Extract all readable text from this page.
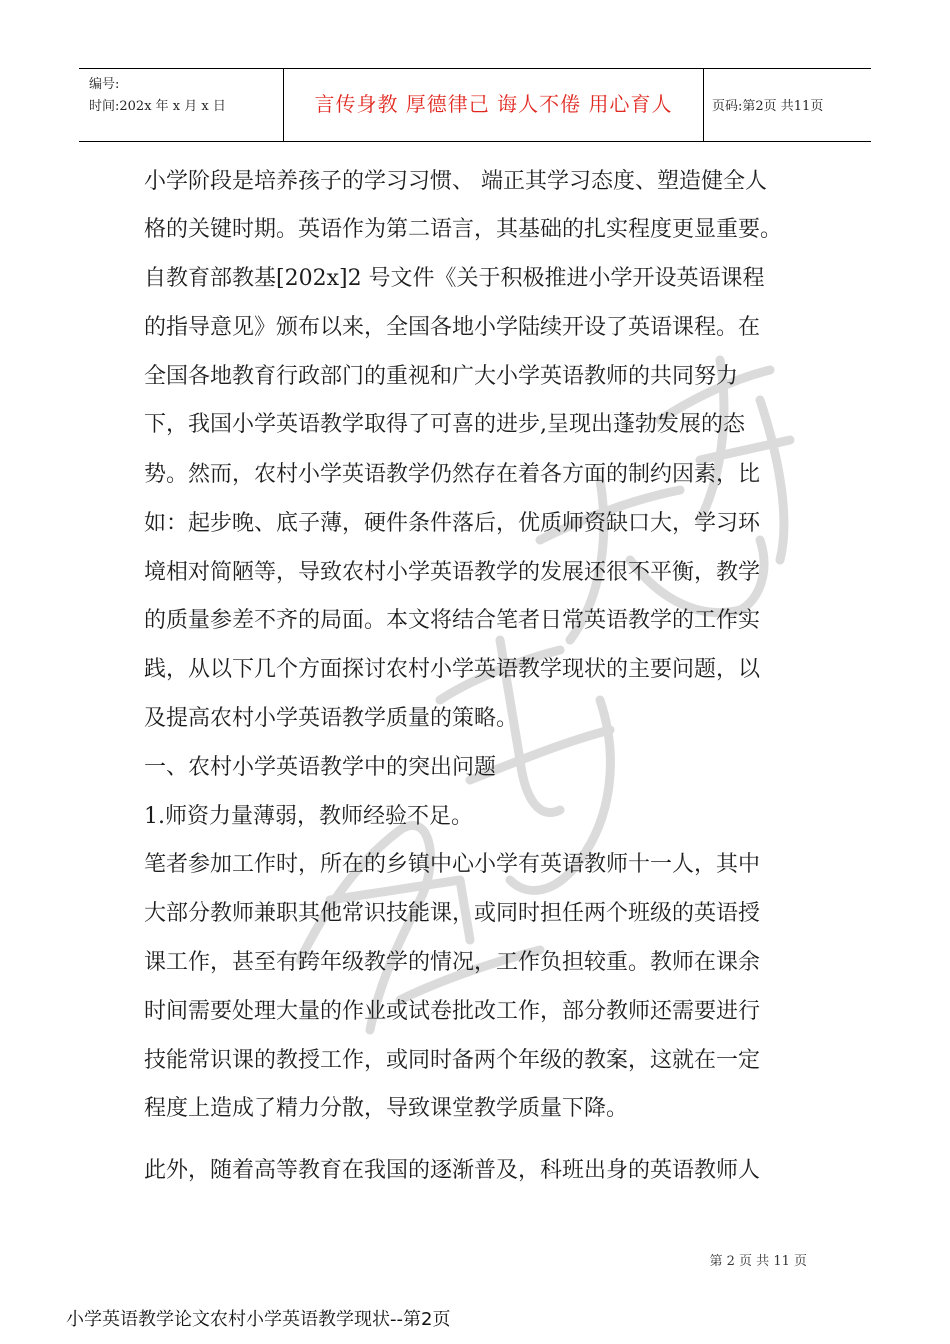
编号:
时间:202x 年 x 月 x 日	言传身教 厚德律己 诲人不倦 用心育人	页码:第2页 共11页
小学阶段是培养孩子的学习习惯、 端正其学习态度、塑造健全人
格的关键时期。英语作为第二语言，其基础的扎实程度更显重要。
自教育部教基[202x]2 号文件《关于积极推进小学开设英语课程
的指导意见》颁布以来，全国各地小学陆续开设了英语课程。在
全国各地教育行政部门的重视和广大小学英语教师的共同努力
下，我国小学英语教学取得了可喜的进步,呈现出蓬勃发展的态
势。然而，农村小学英语教学仍然存在着各方面的制约因素，比
如：起步晚、底子薄，硬件条件落后，优质师资缺口大，学习环
境相对简陋等，导致农村小学英语教学的发展还很不平衡，教学
的质量参差不齐的局面。本文将结合笔者日常英语教学的工作实
践，从以下几个方面探讨农村小学英语教学现状的主要问题，以
及提高农村小学英语教学质量的策略。
一、农村小学英语教学中的突出问题
1.师资力量薄弱，教师经验不足。
笔者参加工作时，所在的乡镇中心小学有英语教师十一人，其中
大部分教师兼职其他常识技能课，或同时担任两个班级的英语授
课工作，甚至有跨年级教学的情况，工作负担较重。教师在课余
时间需要处理大量的作业或试卷批改工作，部分教师还需要进行
技能常识课的教授工作，或同时备两个年级的教案，这就在一定
程度上造成了精力分散，导致课堂教学质量下降。
此外，随着高等教育在我国的逐渐普及，科班出身的英语教师人
第 2 页 共 11 页
小学英语教学论文农村小学英语教学现状--第2页
